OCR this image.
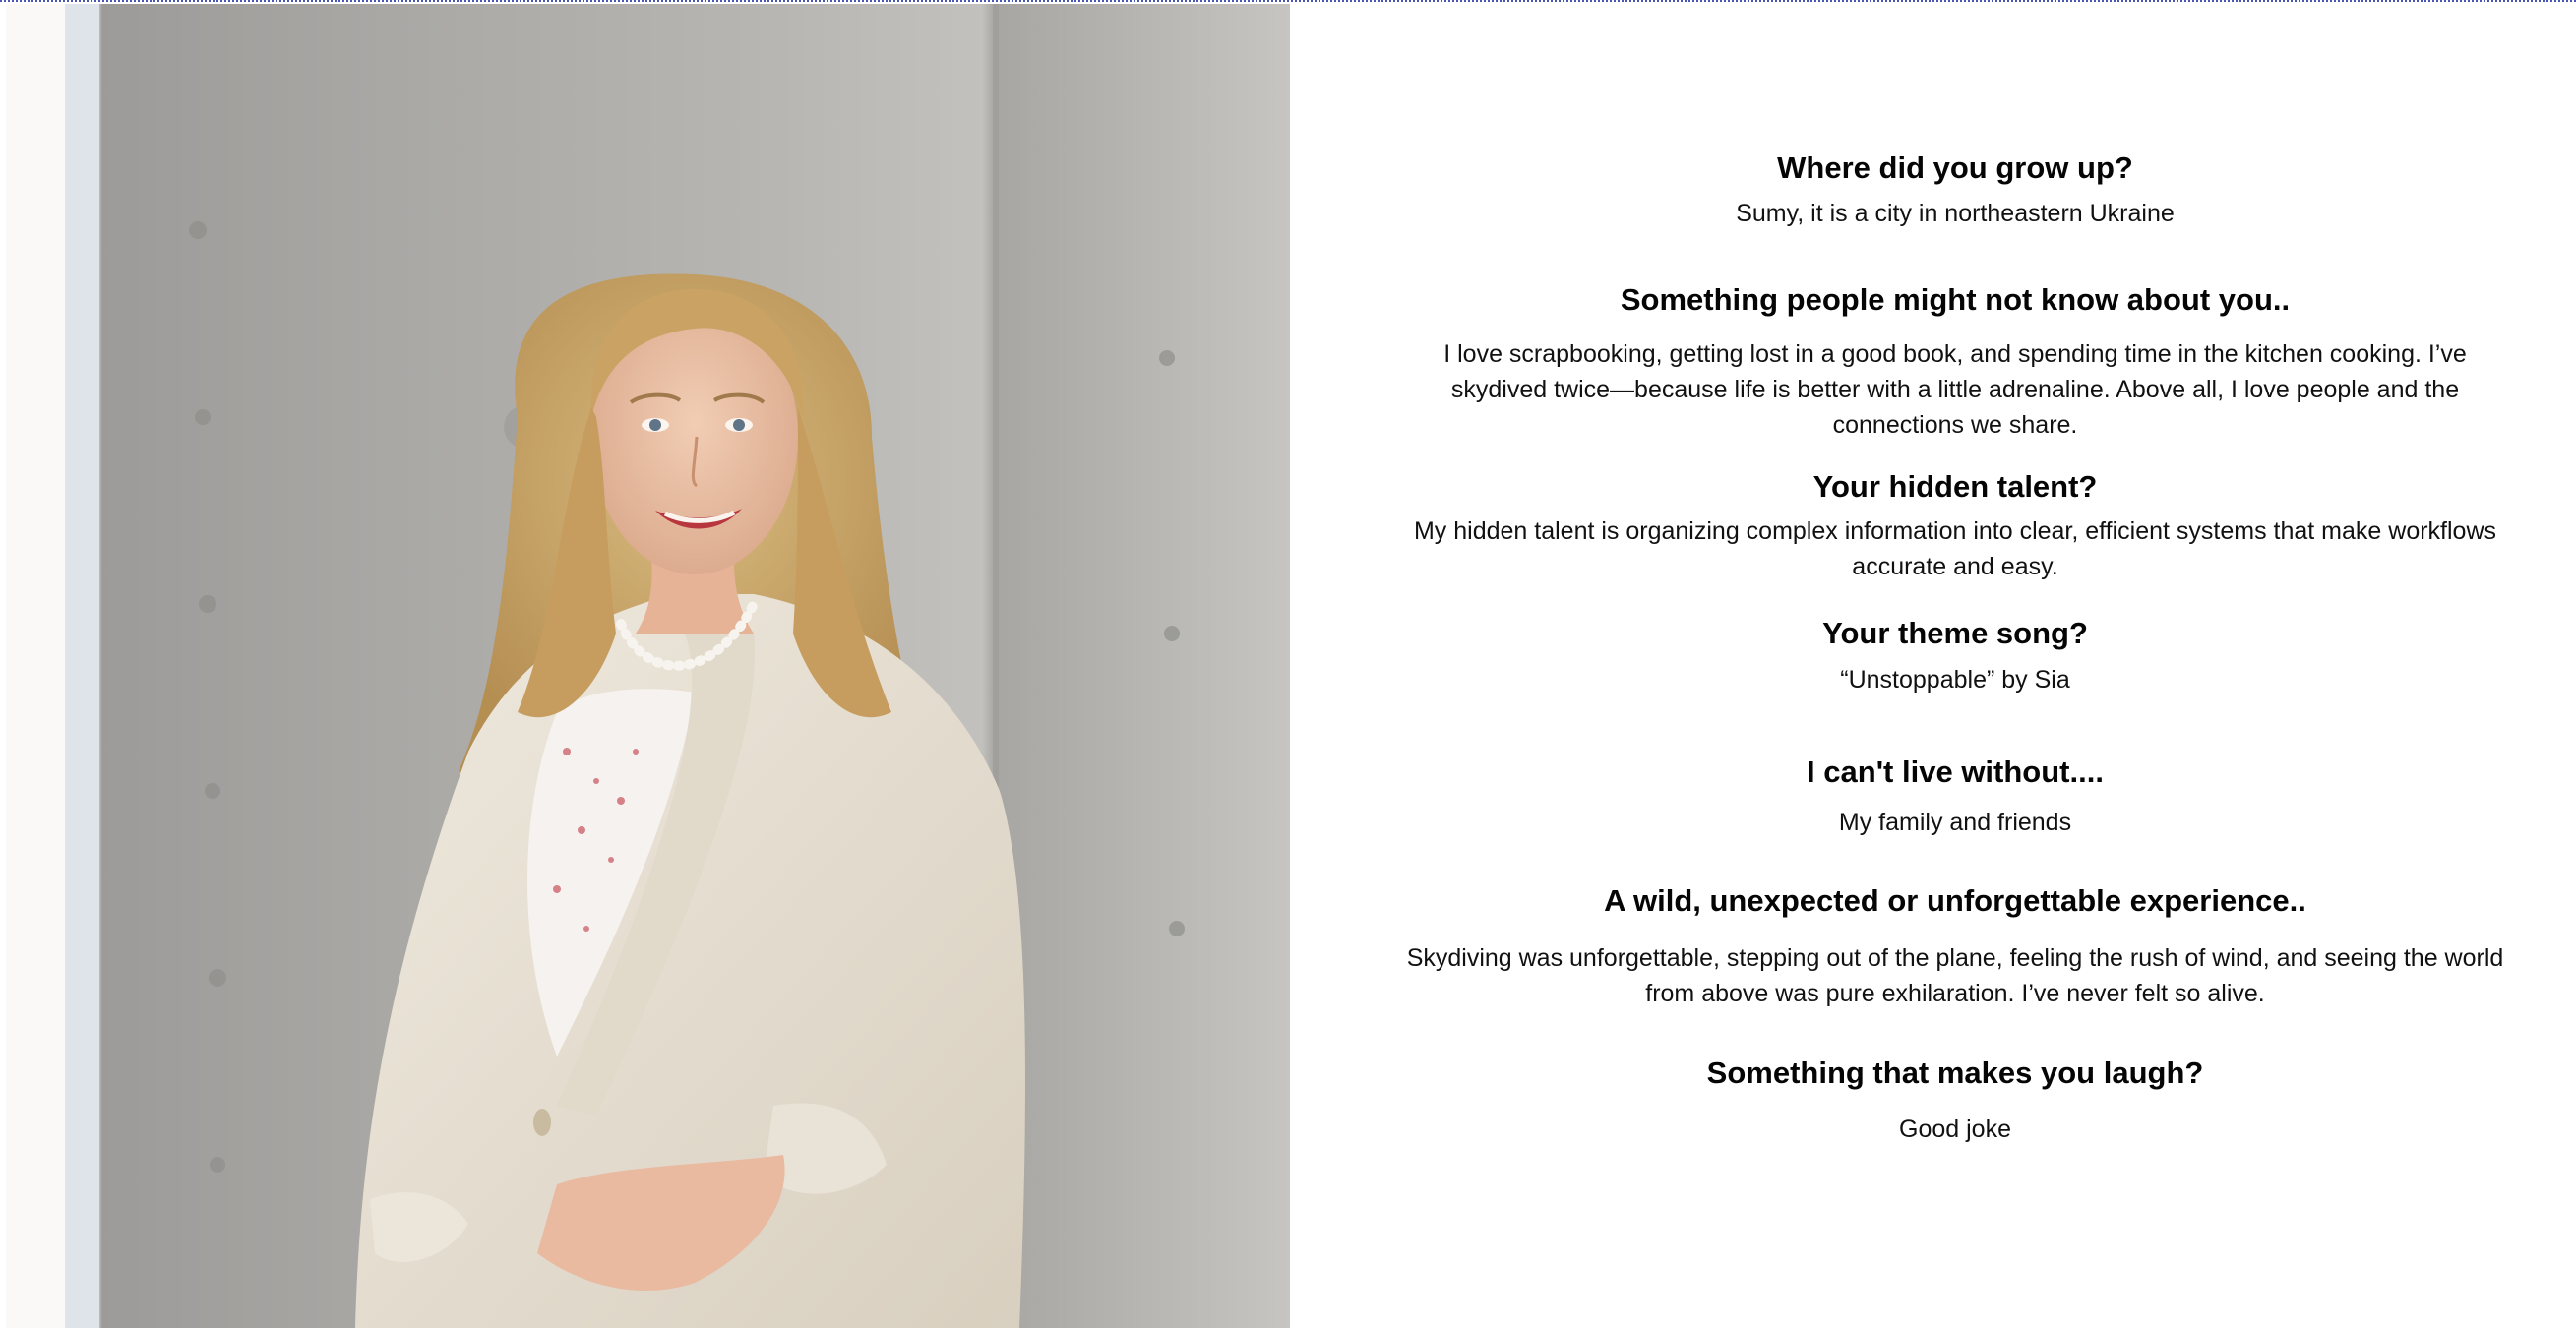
Where did you grow up?
Sumy, it is a city in northeastern Ukraine
Something people might not know about you..
I love scrapbooking, getting lost in a good book, and spending time in the kitchen cooking. I’ve skydived twice—because life is better with a little adrenaline. Above all, I love people and the connections we share.
Your hidden talent?
My hidden talent is organizing complex information into clear, efficient systems that make workflows accurate and easy.
Your theme song?
“Unstoppable” by Sia
I can't live without....
My family and friends
A wild, unexpected or unforgettable experience..
Skydiving was unforgettable, stepping out of the plane, feeling the rush of wind, and seeing the world from above was pure exhilaration. I’ve never felt so alive.
Something that makes you laugh?
Good joke
